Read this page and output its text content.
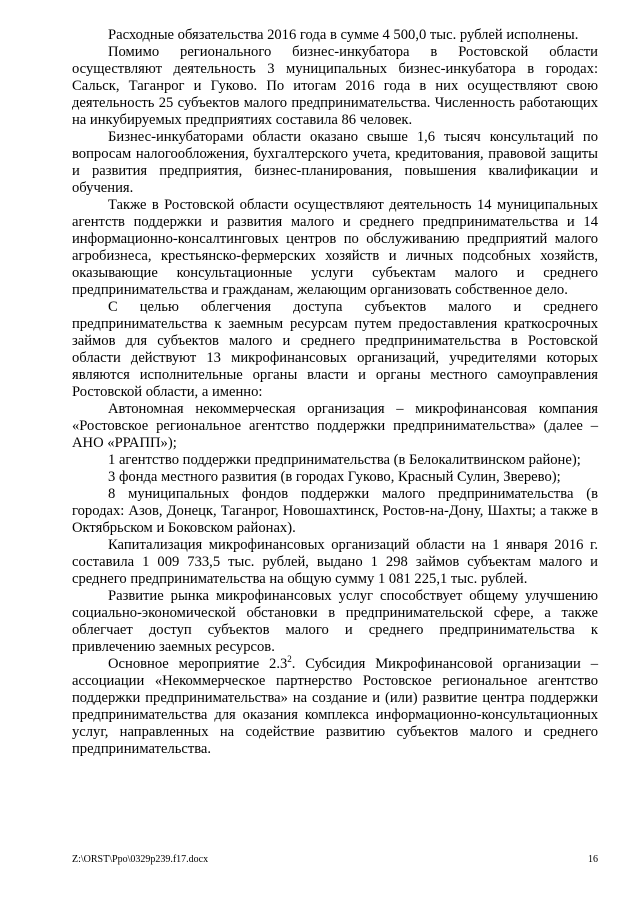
Расходные обязательства 2016 года в сумме 4 500,0 тыс. рублей исполнены.

Помимо регионального бизнес-инкубатора в Ростовской области осуществляют деятельность 3 муниципальных бизнес-инкубатора в городах: Сальск, Таганрог и Гуково. По итогам 2016 года в них осуществляют свою деятельность 25 субъектов малого предпринимательства. Численность работающих на инкубируемых предприятиях составила 86 человек.

Бизнес-инкубаторами области оказано свыше 1,6 тысяч консультаций по вопросам налогообложения, бухгалтерского учета, кредитования, правовой защиты и развития предприятия, бизнес-планирования, повышения квалификации и обучения.

Также в Ростовской области осуществляют деятельность 14 муниципальных агентств поддержки и развития малого и среднего предпринимательства и 14 информационно-консалтинговых центров по обслуживанию предприятий малого агробизнеса, крестьянско-фермерских хозяйств и личных подсобных хозяйств, оказывающие консультационные услуги субъектам малого и среднего предпринимательства и гражданам, желающим организовать собственное дело.

С целью облегчения доступа субъектов малого и среднего предпринимательства к заемным ресурсам путем предоставления краткосрочных займов для субъектов малого и среднего предпринимательства в Ростовской области действуют 13 микрофинансовых организаций, учредителями которых являются исполнительные органы власти и органы местного самоуправления Ростовской области, а именно:

Автономная некоммерческая организация – микрофинансовая компания «Ростовское региональное агентство поддержки предпринимательства» (далее – АНО «РРАПП»);

1 агентство поддержки предпринимательства (в Белокалитвинском районе);

3 фонда местного развития (в городах Гуково, Красный Сулин, Зверево);

8 муниципальных фондов поддержки малого предпринимательства (в городах: Азов, Донецк, Таганрог, Новошахтинск, Ростов-на-Дону, Шахты; а также в Октябрьском и Боковском районах).

Капитализация микрофинансовых организаций области на 1 января 2016 г. составила 1 009 733,5 тыс. рублей, выдано 1 298 займов субъектам малого и среднего предпринимательства на общую сумму 1 081 225,1 тыс. рублей.

Развитие рынка микрофинансовых услуг способствует общему улучшению социально-экономической обстановки в предпринимательской сфере, а также облегчает доступ субъектов малого и среднего предпринимательства к привлечению заемных ресурсов.

Основное мероприятие $2.3^2$. Субсидия Микрофинансовой организации – ассоциации «Некоммерческое партнерство Ростовское региональное агентство поддержки предпринимательства» на создание и (или) развитие центра поддержки предпринимательства для оказания комплекса информационно-консультационных услуг, направленных на содействие развитию субъектов малого и среднего предпринимательства.

Z:\ORST\Ppo\0329p239.f17.docx	16
